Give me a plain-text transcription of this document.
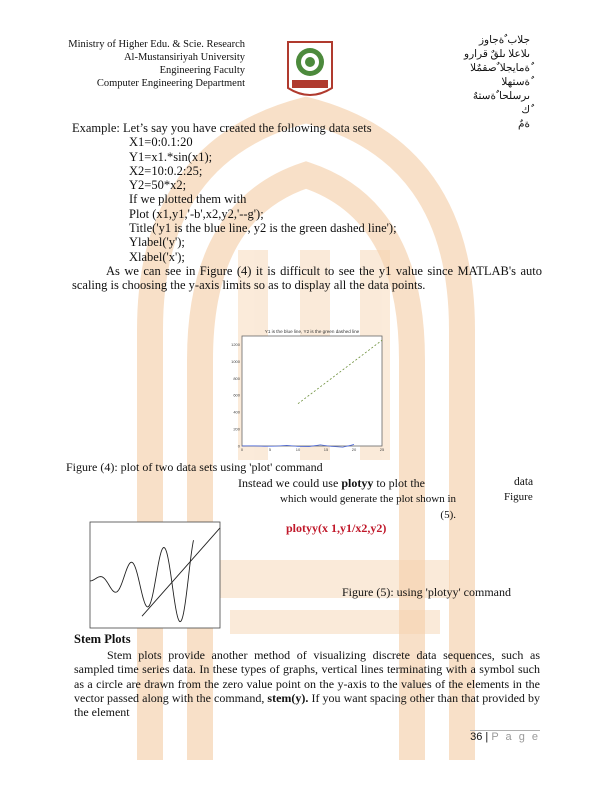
Ministry of Higher Edu. & Scie. Research
Al-Mustansiriyah University
Engineering Faculty
Computer Engineering Department
جلاب ٌةجاوز
ىلاعلا ىلقٌ قرارو
ٌةمايجلا ٌصقمٌلا
ٌةستهلا
ىرسلحا ٌةستهٌ
ٌك
ةمٌ
Example: Let’s say you have created the following data sets
X1=0:0.1:20
Y1=x1.*sin(x1);
X2=10:0.2:25;
Y2=50*x2;
If we plotted them with
Plot (x1,y1,'-b',x2,y2,'--g');
Title('y1 is the blue line, y2 is the green dashed line');
Ylabel('y');
Xlabel('x');
As we can see in Figure (4) it is difficult to see the y1 value since MATLAB's auto scaling is choosing the y-axis limits so as to display all the data points.
Y1 is the blue line, Y2 is the green dashed line
0
200
400
600
800
1000
1200
0	5	10	15	20	25
Figure (4): plot of two data sets using 'plot' command
Instead we could use plotyy to plot the	data
which would generate the plot shown in
(5).
Figure
plotyy(x 1,y1/x2,y2)
Figure (5): using 'plotyy' command
Stem Plots
Stem plots provide another method of visualizing discrete data sequences, such as sampled time series data. In these types of graphs, vertical lines terminating with a symbol such as a circle are drawn from the zero value point on the y-axis to the values of the elements in the vector passed along with the command, stem(y). If you want spacing other than that provided by the element
36 | P a g e
